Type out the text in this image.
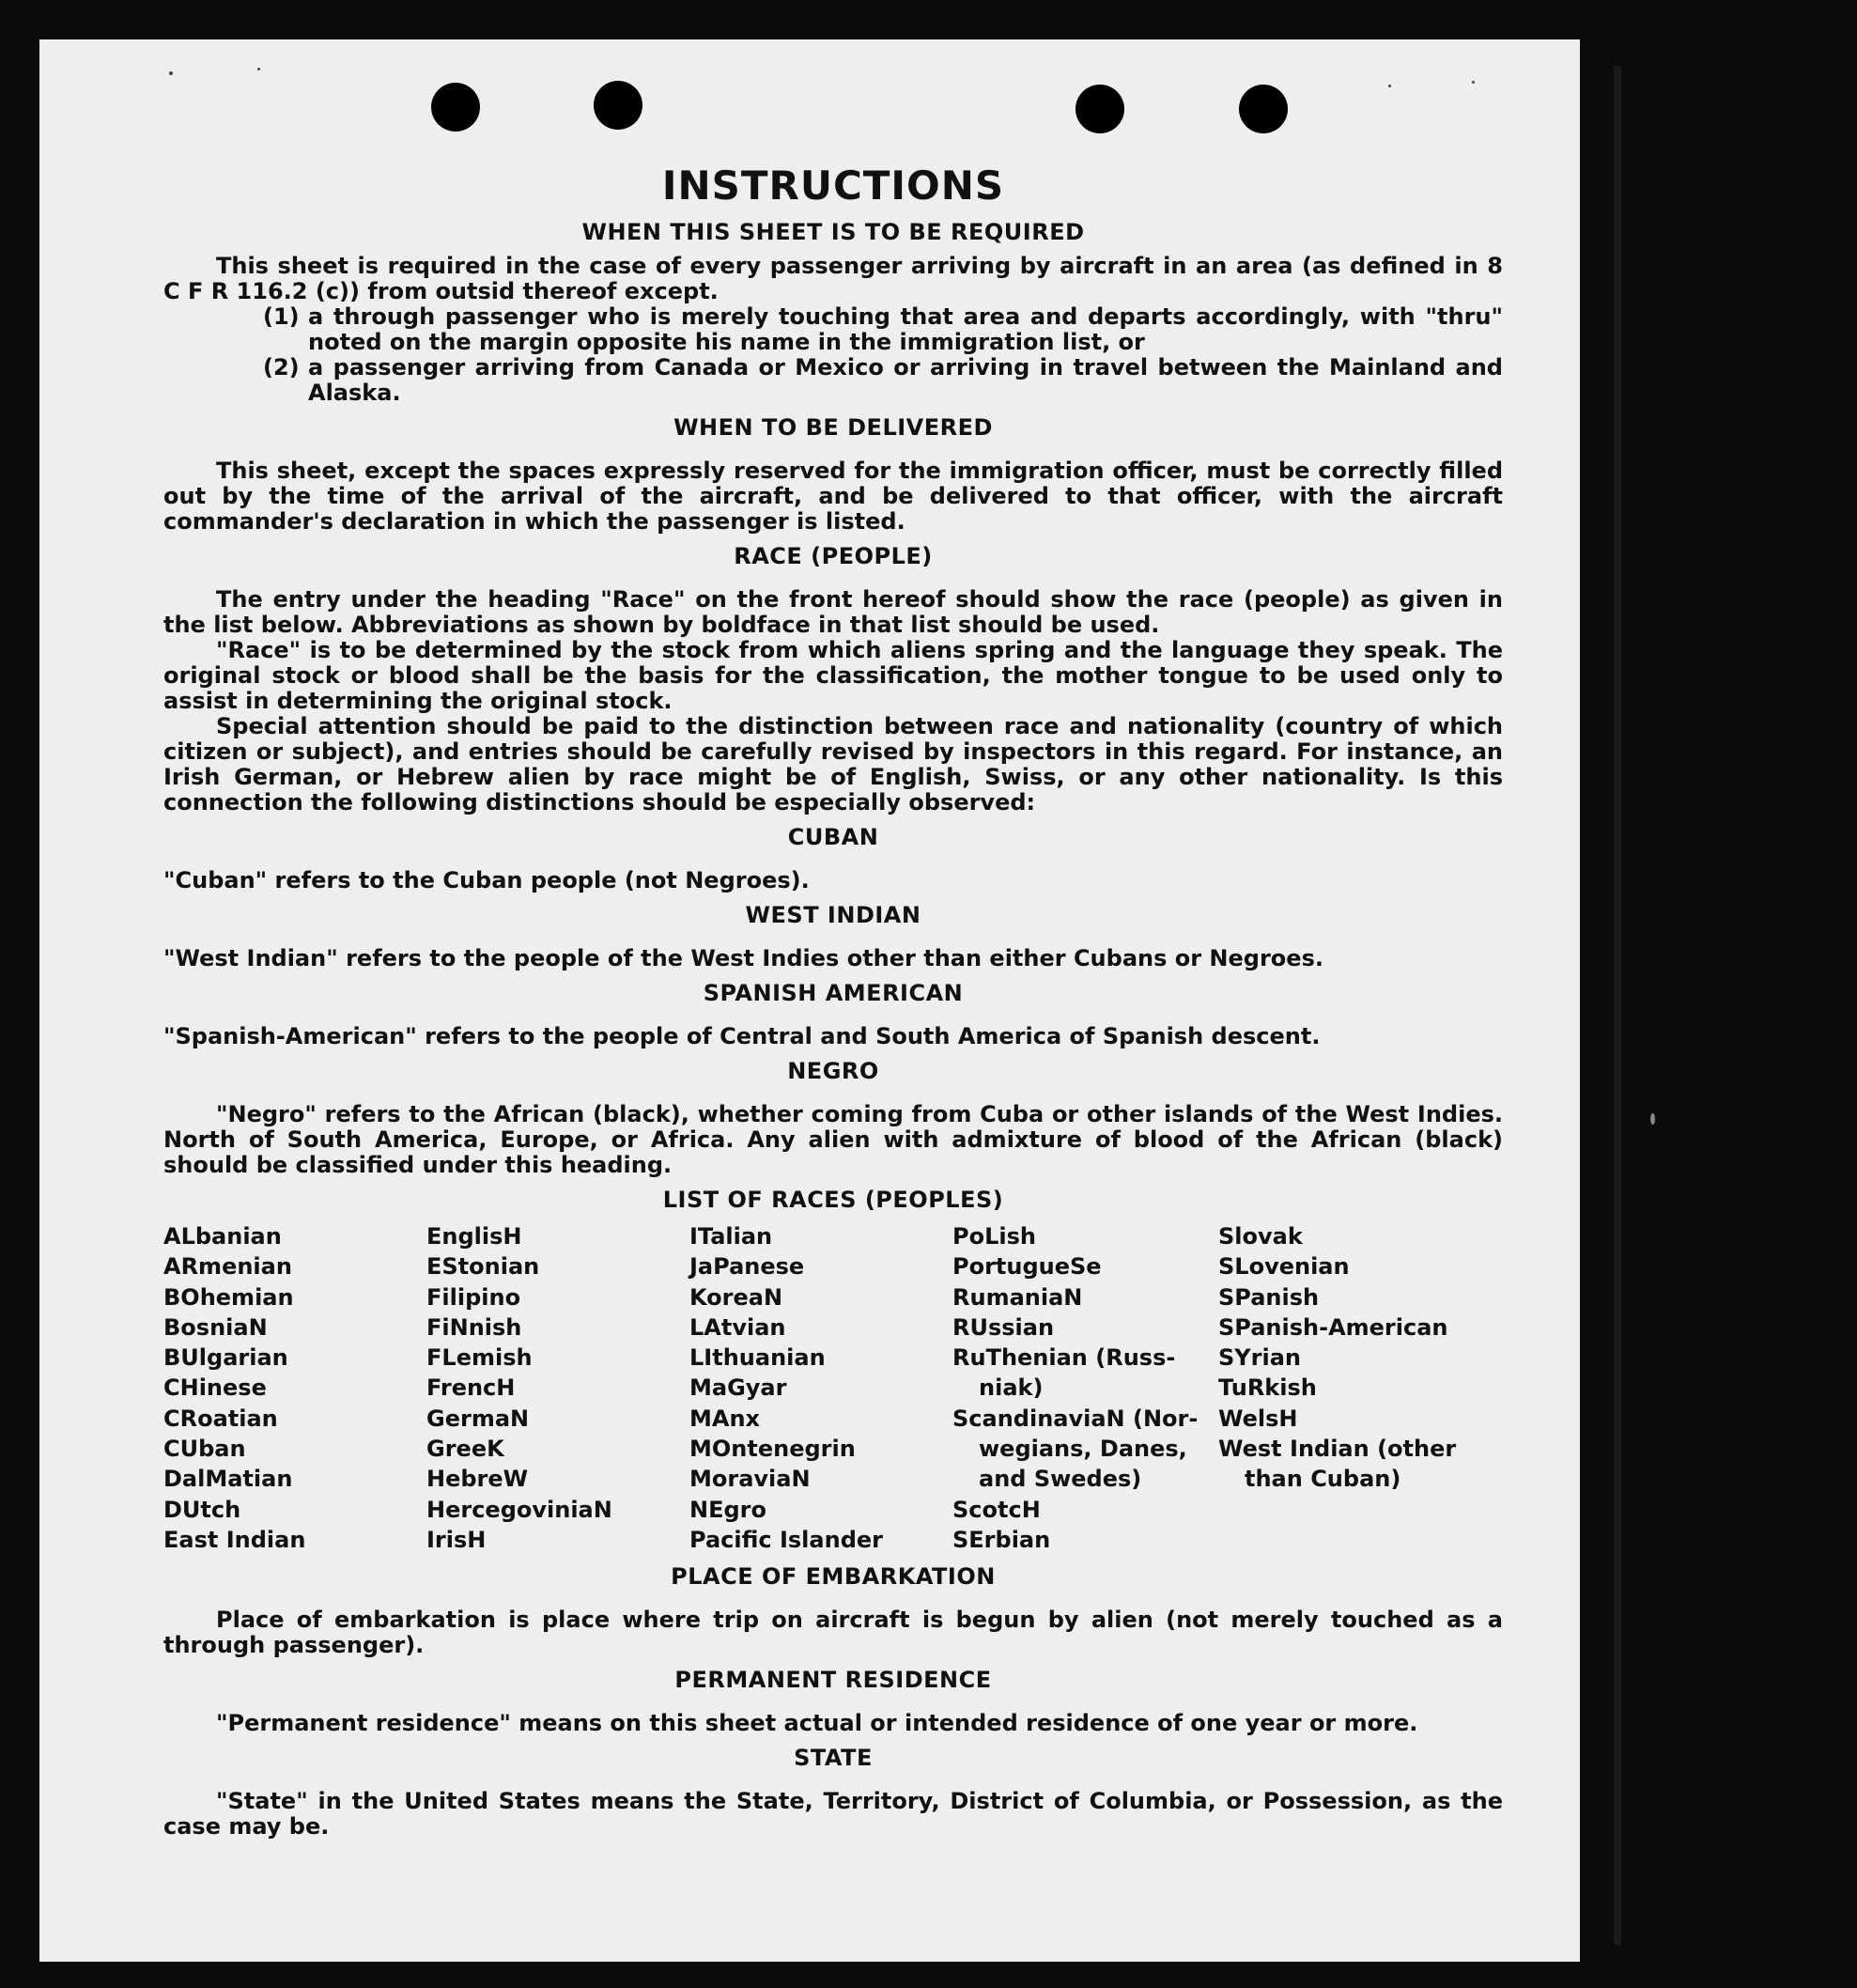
INSTRUCTIONS
WHEN THIS SHEET IS TO BE REQUIRED

This sheet is required in the case of every passenger arriving by aircraft in an area (as defined in 8 C F R 116.2 (c)) from outsid thereof except.

(1) a through passenger who is merely touching that area and departs accordingly, with "thru" noted on the margin opposite his name in the immigration list, or

(2) a passenger arriving from Canada or Mexico or arriving in travel between the Mainland and Alaska.

WHEN TO BE DELIVERED

This sheet, except the spaces expressly reserved for the immigration officer, must be correctly filled out by the time of the arrival of the aircraft, and be delivered to that officer, with the aircraft commander's declaration in which the passenger is listed.

RACE (PEOPLE)

The entry under the heading "Race" on the front hereof should show the race (people) as given in the list below. Abbreviations as shown by boldface in that list should be used.

"Race" is to be determined by the stock from which aliens spring and the language they speak. The original stock or blood shall be the basis for the classification, the mother tongue to be used only to assist in determining the original stock.

Special attention should be paid to the distinction between race and nationality (country of which citizen or subject), and entries should be carefully revised by inspectors in this regard. For instance, an Irish German, or Hebrew alien by race might be of English, Swiss, or any other nationality. Is this connection the following distinctions should be especially observed:

CUBAN

"Cuban" refers to the Cuban people (not Negroes).

WEST INDIAN

"West Indian" refers to the people of the West Indies other than either Cubans or Negroes.

SPANISH AMERICAN

"Spanish-American" refers to the people of Central and South America of Spanish descent.

NEGRO

"Negro" refers to the African (black), whether coming from Cuba or other islands of the West Indies. North of South America, Europe, or Africa. Any alien with admixture of blood of the African (black) should be classified under this heading.

LIST OF RACES (PEOPLES)
ALbanian
ARmenian
BOhemian
BosniaN
BUlgarian
CHinese
CRoatian
CUban
DalMatian
DUtch
East Indian
EnglisH
EStonian
Filipino
FiNnish
FLemish
FrencH
GermaN
GreeK
HebreW
HercegoviniaN
IrisH
ITalian
JaPanese
KoreaN
LAtvian
LIthuanian
MaGyar
MAnx
MOntenegrin
MoraviaN
NEgro
Pacific Islander
PoLish
PortugueSe
RumaniaN
RUssian
RuThenian (Russ-
niak)
ScandinaviaN (Nor-
wegians, Danes,
and Swedes)
ScotcH
SErbian
Slovak
SLovenian
SPanish
SPanish-American
SYrian
TuRkish
WelsH
West Indian (other
than Cuban)
PLACE OF EMBARKATION

Place of embarkation is place where trip on aircraft is begun by alien (not merely touched as a through passenger).

PERMANENT RESIDENCE

"Permanent residence" means on this sheet actual or intended residence of one year or more.

STATE

"State" in the United States means the State, Territory, District of Columbia, or Possession, as the case may be.
